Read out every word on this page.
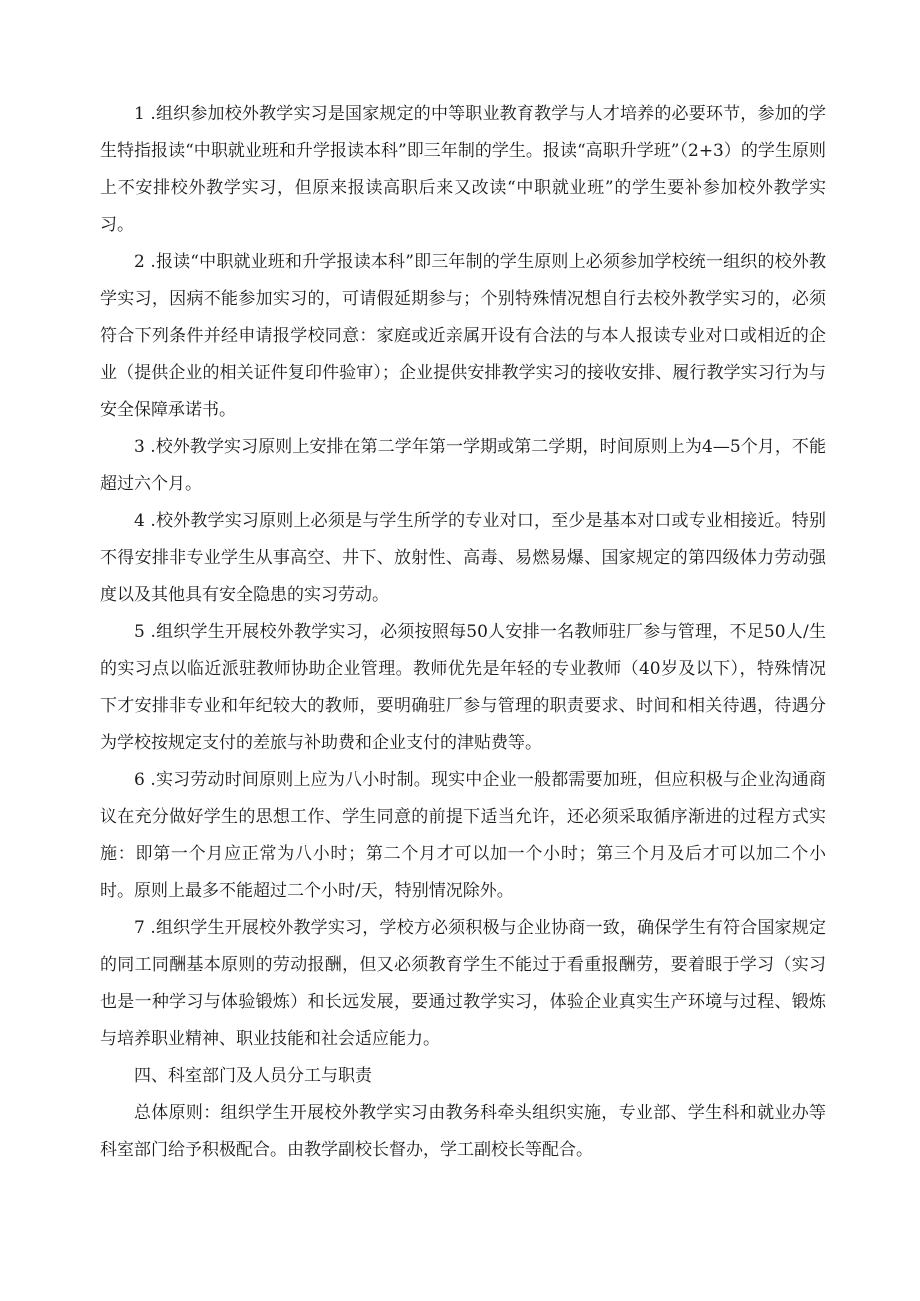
1 .组织参加校外教学实习是国家规定的中等职业教育教学与人才培养的必要环节，参加的学生特指报读“中职就业班和升学报读本科”即三年制的学生。报读“高职升学班”（2+3）的学生原则上不安排校外教学实习，但原来报读高职后来又改读“中职就业班”的学生要补参加校外教学实习。

2 .报读“中职就业班和升学报读本科”即三年制的学生原则上必须参加学校统一组织的校外教学实习，因病不能参加实习的，可请假延期参与；个别特殊情况想自行去校外教学实习的，必须符合下列条件并经申请报学校同意：家庭或近亲属开设有合法的与本人报读专业对口或相近的企业（提供企业的相关证件复印件验审）；企业提供安排教学实习的接收安排、履行教学实习行为与安全保障承诺书。

3 .校外教学实习原则上安排在第二学年第一学期或第二学期，时间原则上为4—5个月，不能超过六个月。

4 .校外教学实习原则上必须是与学生所学的专业对口，至少是基本对口或专业相接近。特别不得安排非专业学生从事高空、井下、放射性、高毒、易燃易爆、国家规定的第四级体力劳动强度以及其他具有安全隐患的实习劳动。

5 .组织学生开展校外教学实习，必须按照每50人安排一名教师驻厂参与管理，不足50人/生的实习点以临近派驻教师协助企业管理。教师优先是年轻的专业教师（40岁及以下），特殊情况下才安排非专业和年纪较大的教师，要明确驻厂参与管理的职责要求、时间和相关待遇，待遇分为学校按规定支付的差旅与补助费和企业支付的津贴费等。

6 .实习劳动时间原则上应为八小时制。现实中企业一般都需要加班，但应积极与企业沟通商议在充分做好学生的思想工作、学生同意的前提下适当允许，还必须采取循序渐进的过程方式实施：即第一个月应正常为八小时；第二个月才可以加一个小时；第三个月及后才可以加二个小时。原则上最多不能超过二个小时/天，特别情况除外。

7 .组织学生开展校外教学实习，学校方必须积极与企业协商一致，确保学生有符合国家规定的同工同酬基本原则的劳动报酬，但又必须教育学生不能过于看重报酬劳，要着眼于学习（实习也是一种学习与体验锻炼）和长远发展，要通过教学实习，体验企业真实生产环境与过程、锻炼与培养职业精神、职业技能和社会适应能力。

四、科室部门及人员分工与职责

总体原则：组织学生开展校外教学实习由教务科牵头组织实施，专业部、学生科和就业办等科室部门给予积极配合。由教学副校长督办，学工副校长等配合。
